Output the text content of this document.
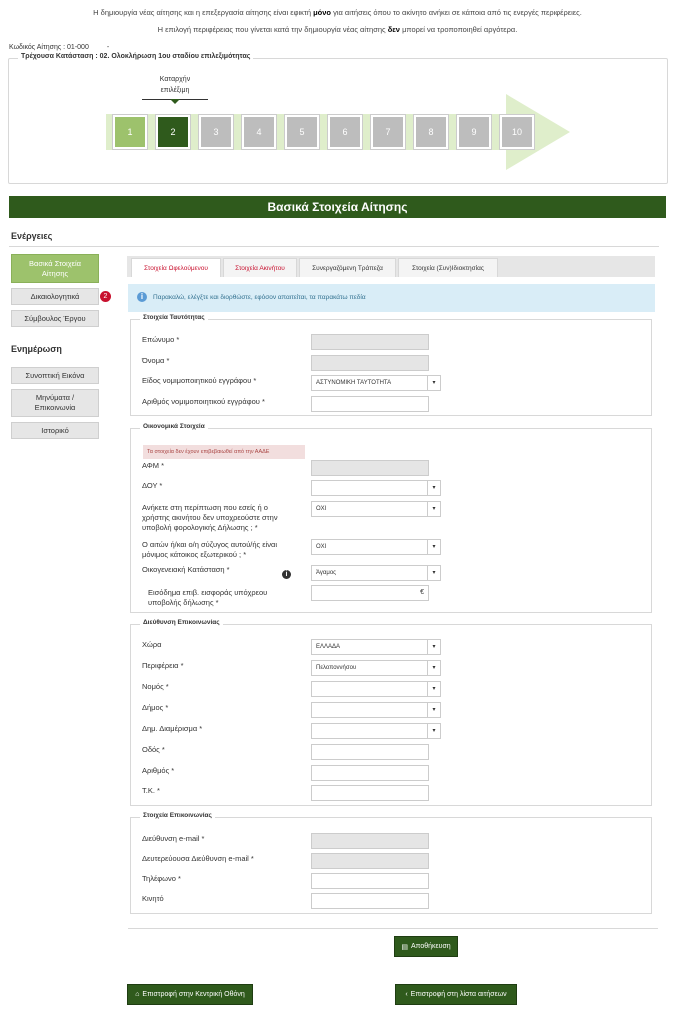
Η δημιουργία νέας αίτησης και η επεξεργασία αίτησης είναι εφικτή μόνο για αιτήσεις όπου το ακίνητο ανήκει σε κάποια από τις ενεργές περιφέρειες.
Η επιλογή περιφέρειας που γίνεται κατά την δημιουργία νέας αίτησης δεν μπορεί να τροποποιηθεί αργότερα.
Κωδικός Αίτησης : 01-000	-
Τρέχουσα Κατάσταση : 02. Ολοκλήρωση 1ου σταδίου επιλεξιμότητας
Καταρχήν
επιλέξιμη
1	2	3	4	5	6	7	8	9	10
Βασικά Στοιχεία Αίτησης
Ενέργειες
Βασικά Στοιχεία
Αίτησης
Δικαιολογητικά	2
Σύμβουλος Έργου
Ενημέρωση
Συνοπτική Εικόνα
Μηνύματα /
Επικοινωνία
Ιστορικό
Στοιχεία Ωφελούμενου	Στοιχεία Ακινήτου	Συνεργαζόμενη Τράπεζα	Στοιχεία (Συν)Ιδιοκτησίας
i	Παρακαλώ, ελέγξτε και διορθώστε, εφόσον απαιτείται, τα παρακάτω πεδία
Στοιχεία Ταυτότητας
Επώνυμο *
Όνομα *
Είδος νομιμοποιητικού εγγράφου *	ΑΣΤΥΝΟΜΙΚΗ ΤΑΥΤΟΤΗΤΑ	▾
Αριθμός νομιμοποιητικού εγγράφου *
Οικονομικά Στοιχεία
Τα στοιχεία δεν έχουν επιβεβαιωθεί από την ΑΑΔΕ
ΑΦΜ *
ΔΟΥ *	▾
Ανήκετε στη περίπτωση που εσείς ή ο
χρήστης ακινήτου δεν υποχρεούστε στην
υποβολή φορολογικής Δήλωσης ; *
ΟΧΙ	▾
Ο αιτών ή/και ο/η σύζυγος αυτού/ής είναι
μόνιμος κάτοικος εξωτερικού ; *
ΟΧΙ	▾
Οικογενειακή Κατάσταση *
i	Άγαμος	▾
Εισόδημα επιβ. εισφοράς υπόχρεου
υποβολής δήλωσης *
€
Διεύθυνση Επικοινωνίας
Χώρα	ΕΛΛΑΔΑ	▾
Περιφέρεια *	Πελοποννήσου	▾
Νομός *	▾
Δήμος *	▾
Δημ. Διαμέρισμα *	▾
Οδός *
Αριθμός *
Τ.Κ. *
Στοιχεία Επικοινωνίας
Διεύθυνση e-mail *
Δευτερεύουσα Διεύθυνση e-mail *
Τηλέφωνο *
Κινητό
▤ Αποθήκευση
⌂ Επιστροφή στην Κεντρική Οθόνη	‹ Επιστροφή στη λίστα αιτήσεων
